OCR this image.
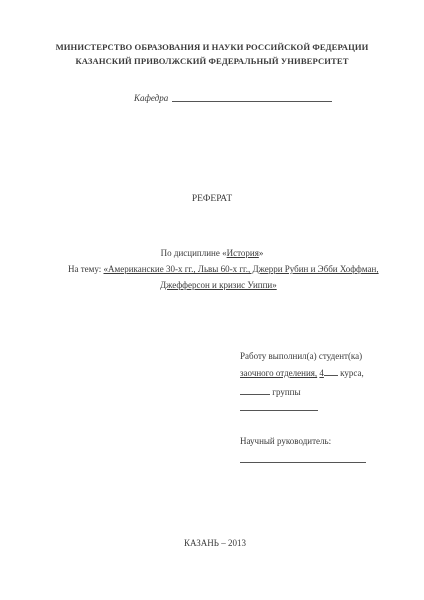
МИНИСТЕРСТВО ОБРАЗОВАНИЯ И НАУКИ РОССИЙСКОЙ ФЕДЕРАЦИИ
КАЗАНСКИЙ ПРИВОЛЖСКИЙ ФЕДЕРАЛЬНЫЙ УНИВЕРСИТЕТ
Кафедра
РЕФЕРАТ
По дисциплине «История»
На тему: «Американские 30-х гг., Львы 60-х гг., Джерри Рубин и Эбби Хоффман,
Джефферсон и кризис Уиппи»
Работу выполнил(а) студент(ка)
заочного отделения, 4 курса,
группы
Научный руководитель:
КАЗАНЬ – 2013
